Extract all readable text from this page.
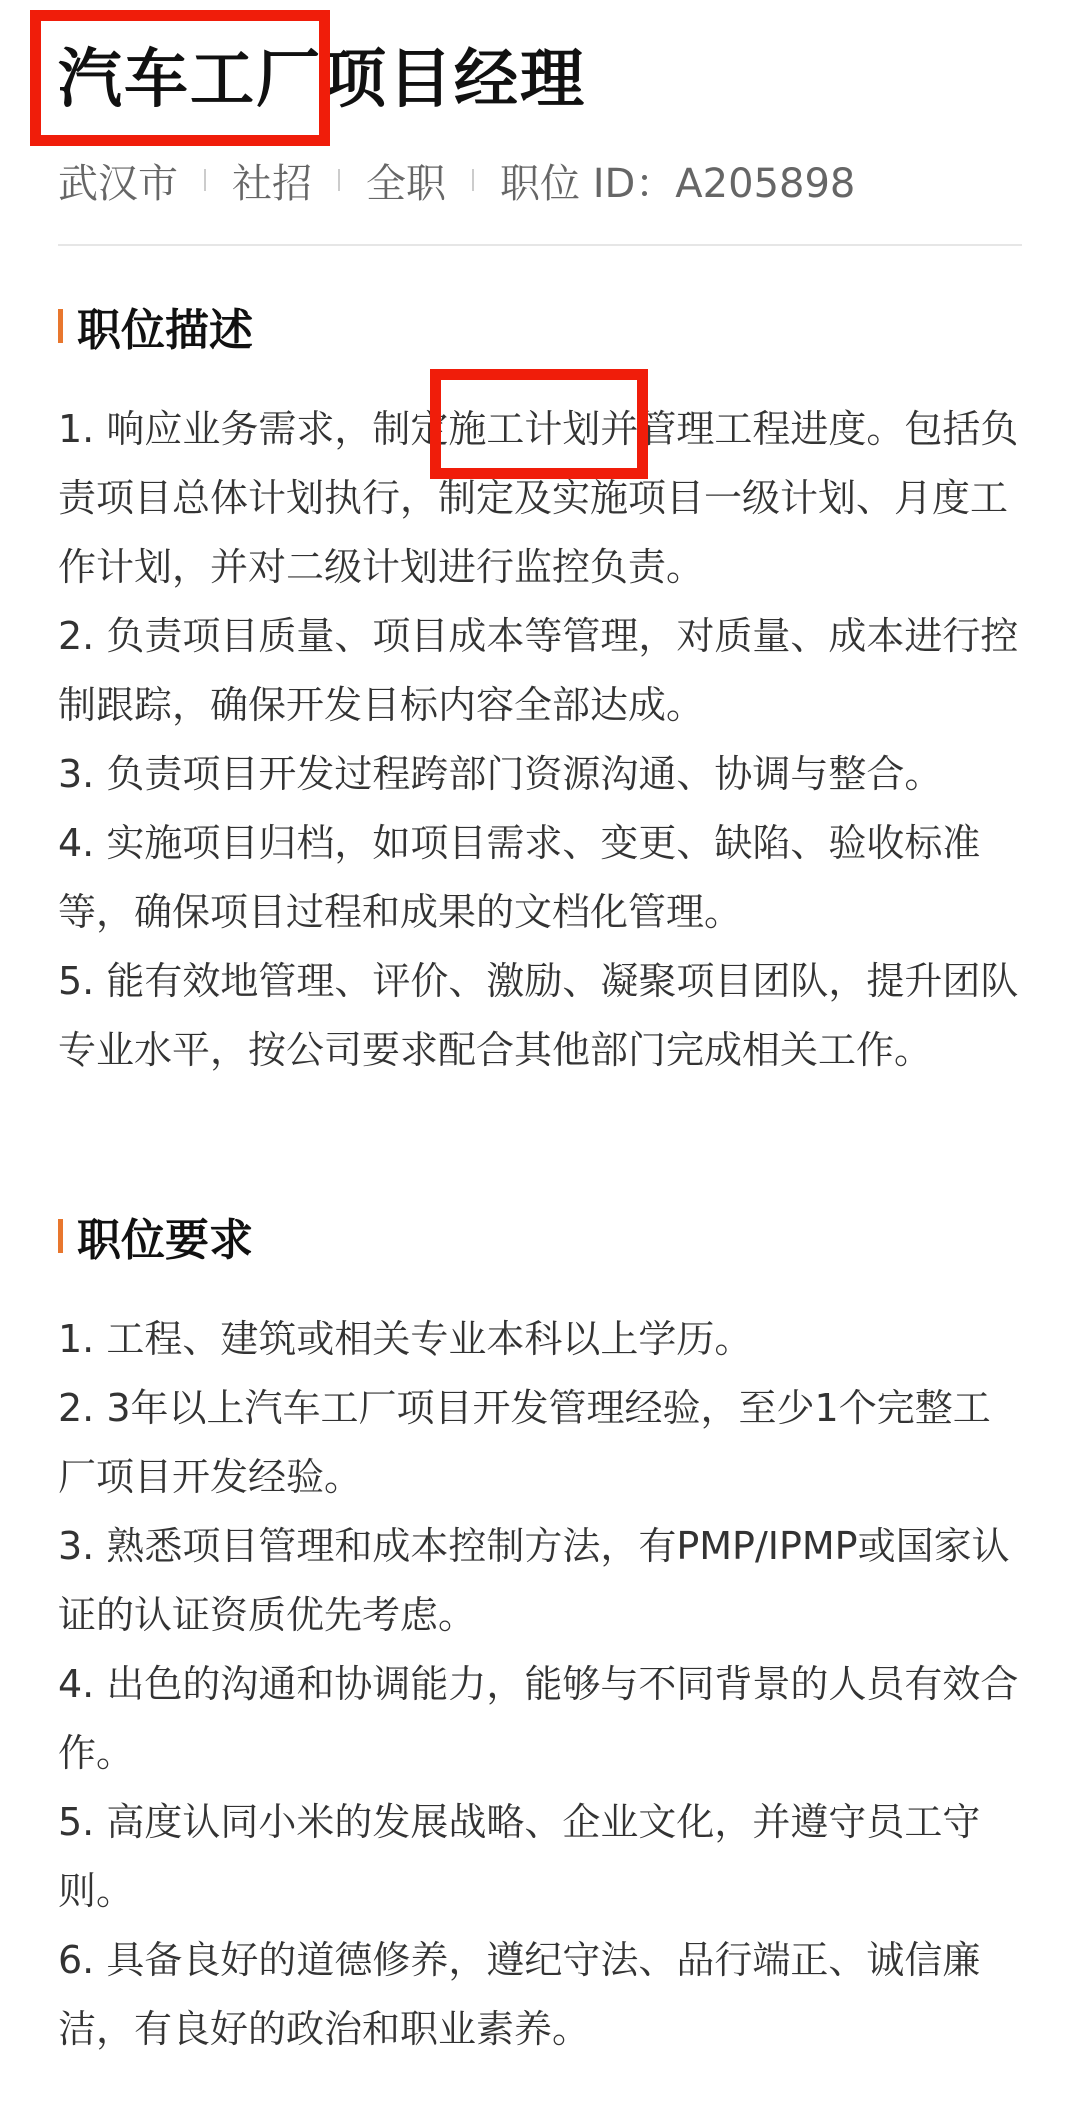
汽车工厂项目经理
武汉市 社招 全职 职位 ID：A205898
职位描述
1. 响应业务需求，制定施工计划并管理工程进度。包括负责项目总体计划执行，制定及实施项目一级计划、月度工作计划，并对二级计划进行监控负责。
2. 负责项目质量、项目成本等管理，对质量、成本进行控制跟踪，确保开发目标内容全部达成。
3. 负责项目开发过程跨部门资源沟通、协调与整合。
4. 实施项目归档，如项目需求、变更、缺陷、验收标准等，确保项目过程和成果的文档化管理。
5. 能有效地管理、评价、激励、凝聚项目团队，提升团队专业水平，按公司要求配合其他部门完成相关工作。
职位要求
1. 工程、建筑或相关专业本科以上学历。
2. 3年以上汽车工厂项目开发管理经验，至少1个完整工厂项目开发经验。
3. 熟悉项目管理和成本控制方法，有PMP/IPMP或国家认证的认证资质优先考虑。
4. 出色的沟通和协调能力，能够与不同背景的人员有效合作。
5. 高度认同小米的发展战略、企业文化，并遵守员工守则。
6. 具备良好的道德修养，遵纪守法、品行端正、诚信廉洁，有良好的政治和职业素养。
